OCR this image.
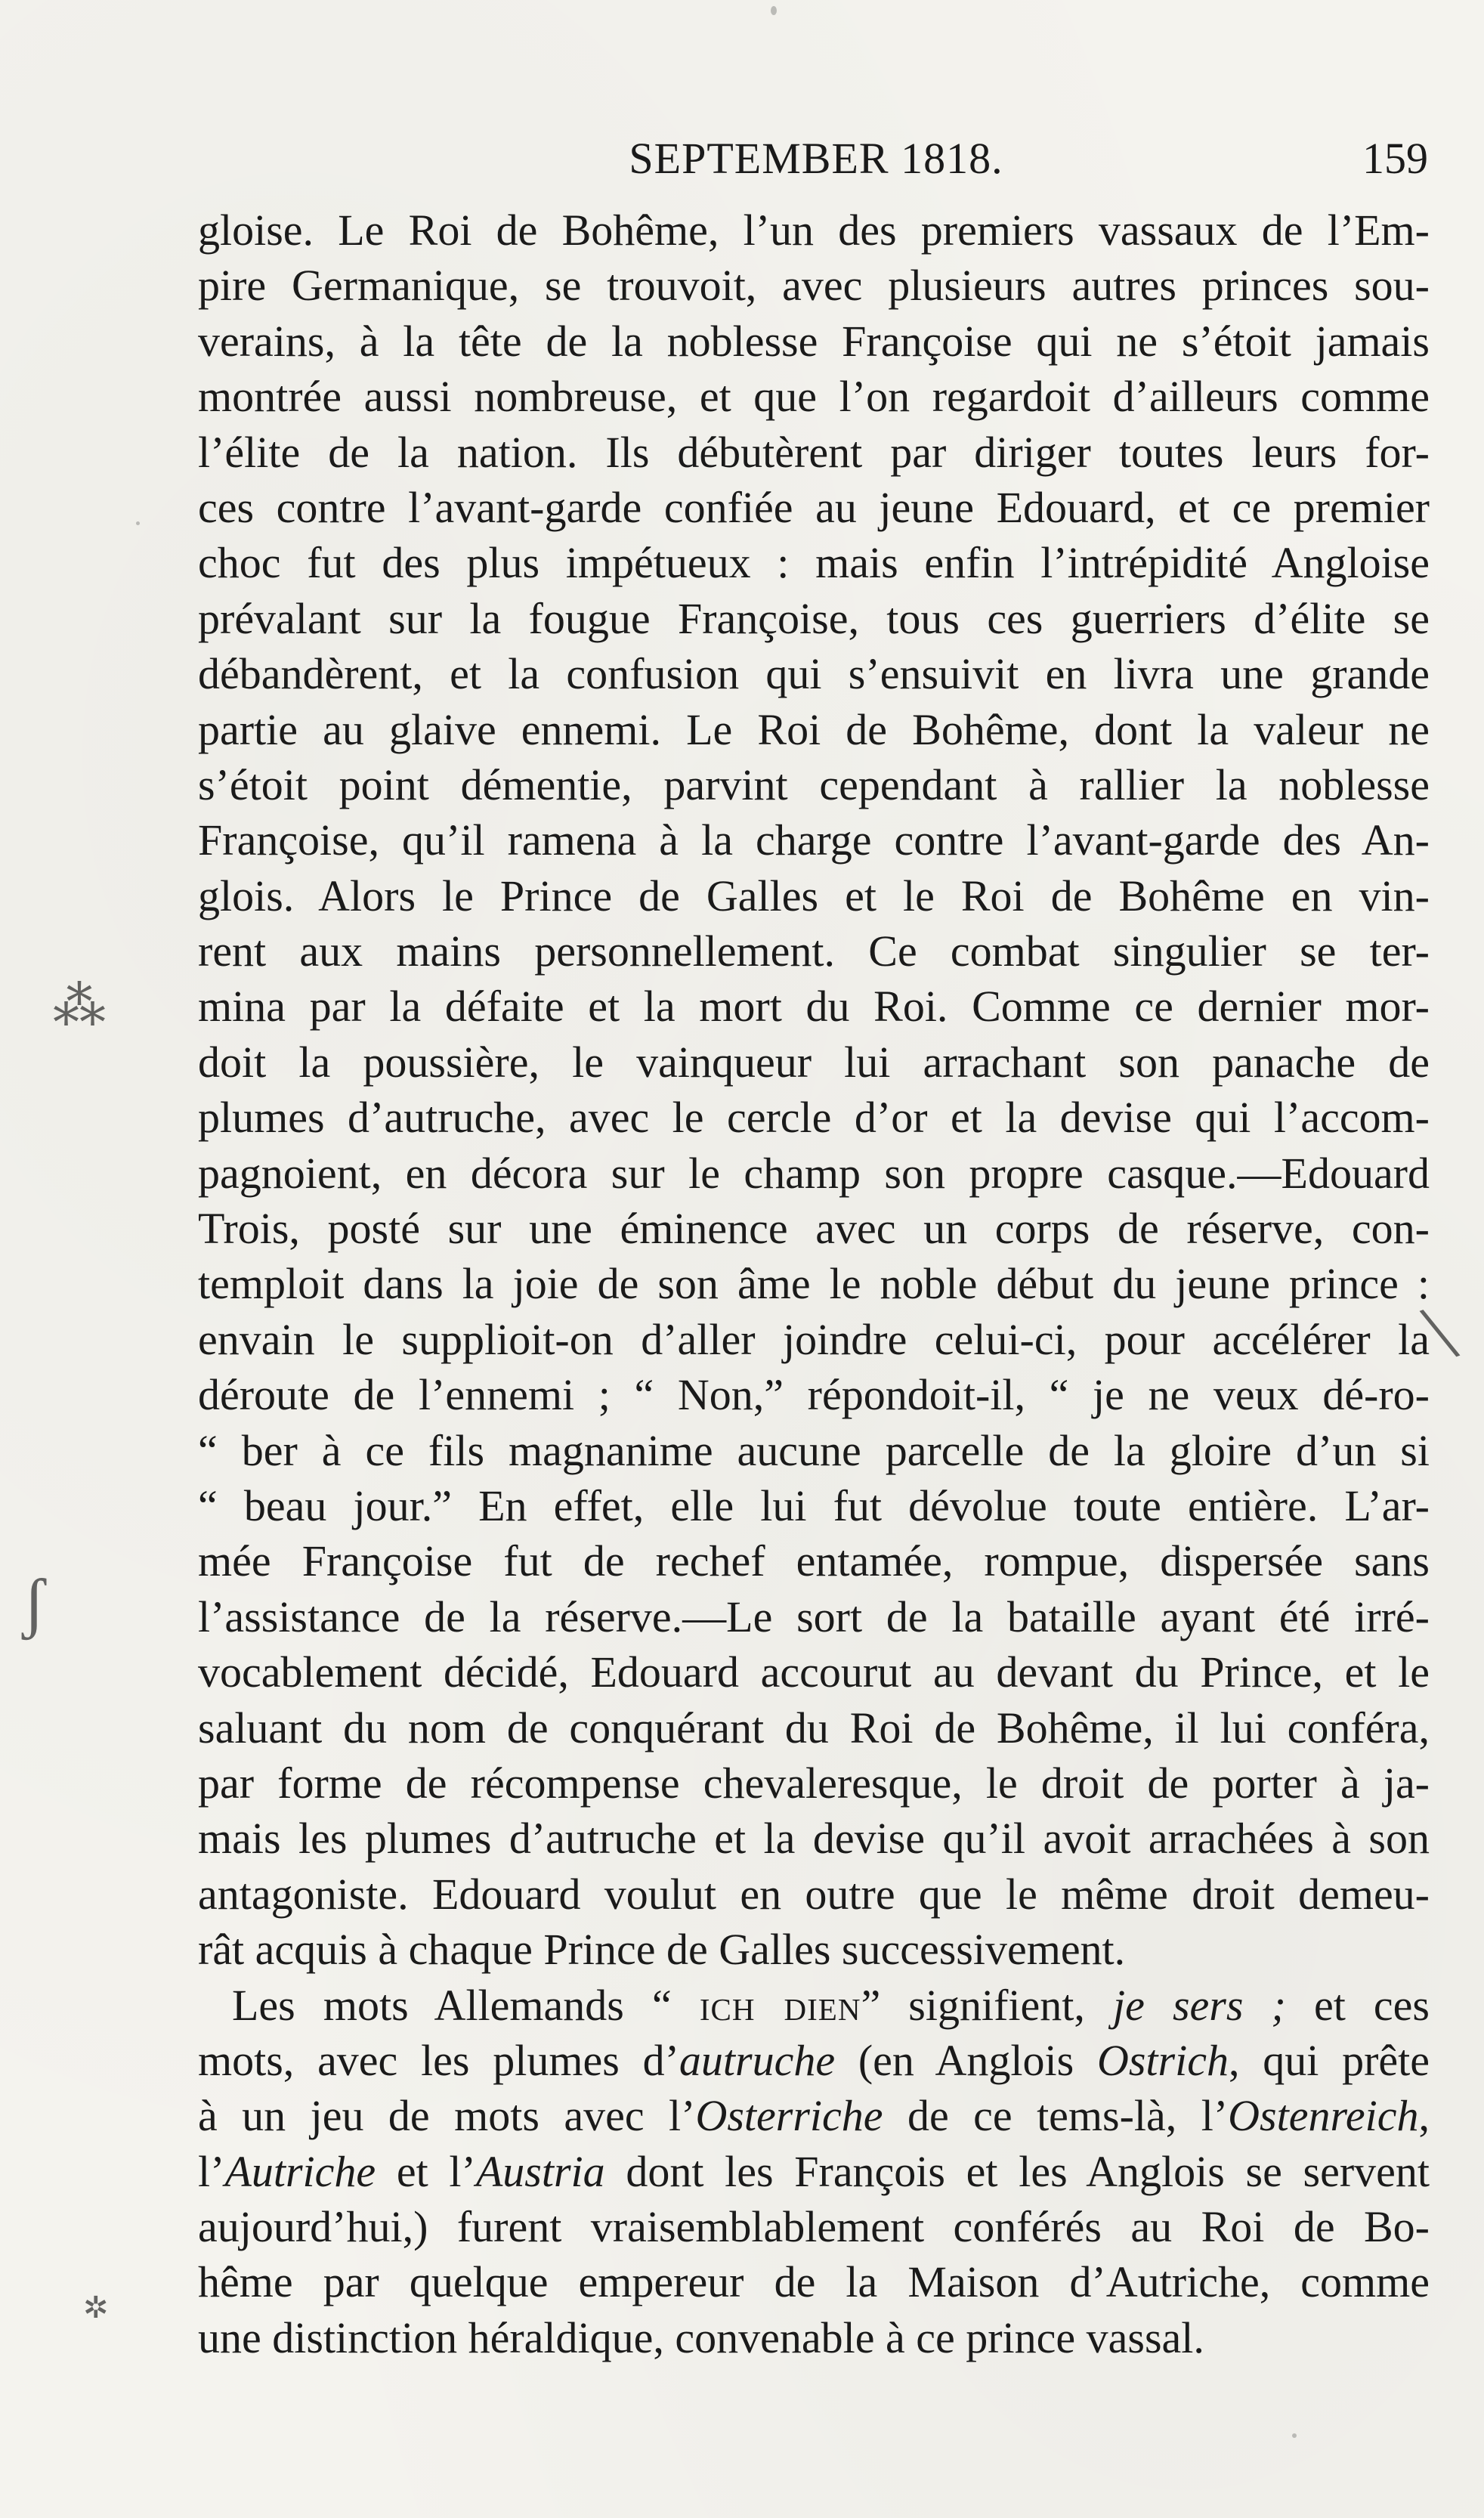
SEPTEMBER 1818.	159
gloise. Le Roi de Bohême, l’un des premiers vassaux de l’Em-
pire Germanique, se trouvoit, avec plusieurs autres princes sou-
verains, à la tête de la noblesse Françoise qui ne s’étoit jamais
montrée aussi nombreuse, et que l’on regardoit d’ailleurs comme
l’élite de la nation. Ils débutèrent par diriger toutes leurs for-
ces contre l’avant-garde confiée au jeune Edouard, et ce premier
choc fut des plus impétueux : mais enfin l’intrépidité Angloise
prévalant sur la fougue Françoise, tous ces guerriers d’élite se
débandèrent, et la confusion qui s’ensuivit en livra une grande
partie au glaive ennemi. Le Roi de Bohême, dont la valeur ne
s’étoit point démentie, parvint cependant à rallier la noblesse
Françoise, qu’il ramena à la charge contre l’avant-garde des An-
glois. Alors le Prince de Galles et le Roi de Bohême en vin-
rent aux mains personnellement. Ce combat singulier se ter-
mina par la défaite et la mort du Roi. Comme ce dernier mor-
doit la poussière, le vainqueur lui arrachant son panache de
plumes d’autruche, avec le cercle d’or et la devise qui l’accom-
pagnoient, en décora sur le champ son propre casque.—Edouard
Trois, posté sur une éminence avec un corps de réserve, con-
temploit dans la joie de son âme le noble début du jeune prince :
envain le supplioit-on d’aller joindre celui-ci, pour accélérer la
déroute de l’ennemi ; “ Non,” répondoit-il, “ je ne veux dé-ro-
“ ber à ce fils magnanime aucune parcelle de la gloire d’un si
“ beau jour.” En effet, elle lui fut dévolue toute entière. L’ar-
mée Françoise fut de rechef entamée, rompue, dispersée sans
l’assistance de la réserve.—Le sort de la bataille ayant été irré-
vocablement décidé, Edouard accourut au devant du Prince, et le
saluant du nom de conquérant du Roi de Bohême, il lui conféra,
par forme de récompense chevaleresque, le droit de porter à ja-
mais les plumes d’autruche et la devise qu’il avoit arrachées à son
antagoniste. Edouard voulut en outre que le même droit demeu-
rât acquis à chaque Prince de Galles successivement.
Les mots Allemands “ ich dien” signifient, je sers ; et ces
mots, avec les plumes d’autruche (en Anglois Ostrich, qui prête
à un jeu de mots avec l’Osterriche de ce tems-là, l’Ostenreich,
l’Autriche et l’Austria dont les François et les Anglois se servent
aujourd’hui,) furent vraisemblablement conférés au Roi de Bo-
hême par quelque empereur de la Maison d’Autriche, comme
une distinction héraldique, convenable à ce prince vassal.
⁂
ʃ
✲
\
